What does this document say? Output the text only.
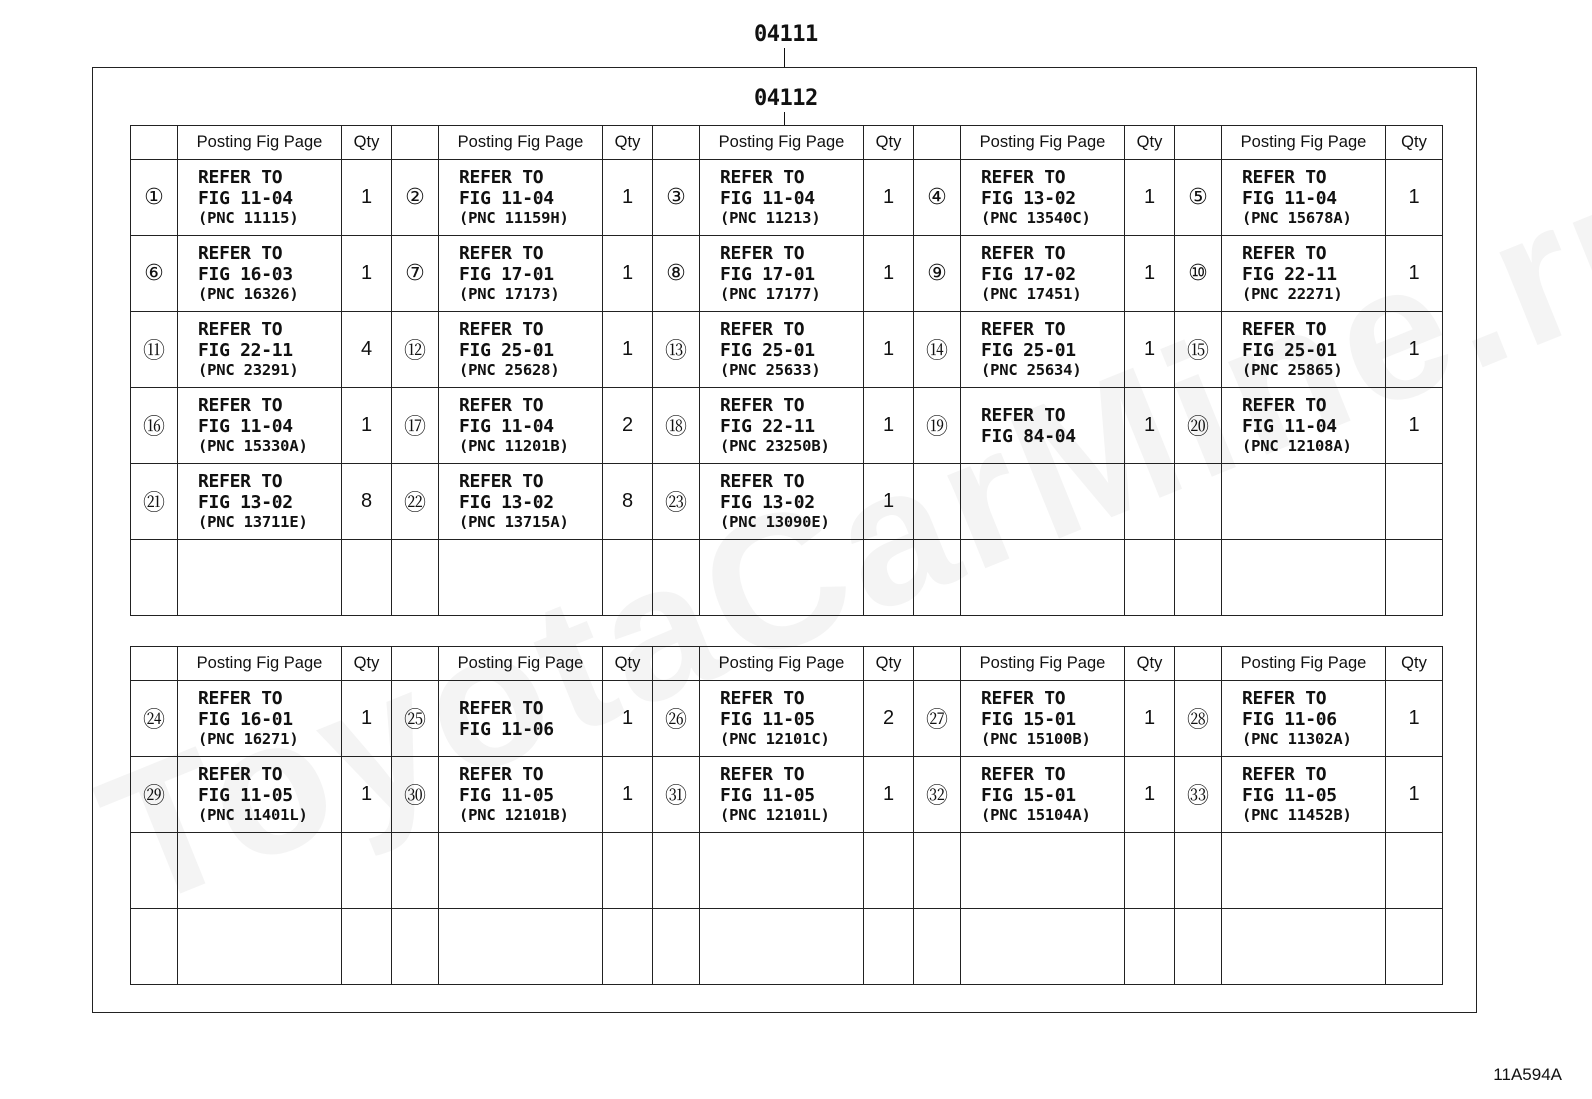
04111
04112
	Posting Fig Page	Qty		Posting Fig Page	Qty		Posting Fig Page	Qty		Posting Fig Page	Qty		Posting Fig Page	Qty
①	REFER TO
FIG 11-04
(PNC 11115)	1	②	REFER TO
FIG 11-04
(PNC 11159H)	1	③	REFER TO
FIG 11-04
(PNC 11213)	1	④	REFER TO
FIG 13-02
(PNC 13540C)	1	⑤	REFER TO
FIG 11-04
(PNC 15678A)	1
⑥	REFER TO
FIG 16-03
(PNC 16326)	1	⑦	REFER TO
FIG 17-01
(PNC 17173)	1	⑧	REFER TO
FIG 17-01
(PNC 17177)	1	⑨	REFER TO
FIG 17-02
(PNC 17451)	1	⑩	REFER TO
FIG 22-11
(PNC 22271)	1
⑪	REFER TO
FIG 22-11
(PNC 23291)	4	⑫	REFER TO
FIG 25-01
(PNC 25628)	1	⑬	REFER TO
FIG 25-01
(PNC 25633)	1	⑭	REFER TO
FIG 25-01
(PNC 25634)	1	⑮	REFER TO
FIG 25-01
(PNC 25865)	1
⑯	REFER TO
FIG 11-04
(PNC 15330A)	1	⑰	REFER TO
FIG 11-04
(PNC 11201B)	2	⑱	REFER TO
FIG 22-11
(PNC 23250B)	1	⑲	REFER TO
FIG 84-04	1	⑳	REFER TO
FIG 11-04
(PNC 12108A)	1
㉑	REFER TO
FIG 13-02
(PNC 13711E)	8	㉒	REFER TO
FIG 13-02
(PNC 13715A)	8	㉓	REFER TO
FIG 13-02
(PNC 13090E)	1		

	Posting Fig Page	Qty		Posting Fig Page	Qty		Posting Fig Page	Qty		Posting Fig Page	Qty		Posting Fig Page	Qty
㉔	REFER TO
FIG 16-01
(PNC 16271)	1	㉕	REFER TO
FIG 11-06	1	㉖	REFER TO
FIG 11-05
(PNC 12101C)	2	㉗	REFER TO
FIG 15-01
(PNC 15100B)	1	㉘	REFER TO
FIG 11-06
(PNC 11302A)	1
㉙	REFER TO
FIG 11-05
(PNC 11401L)	1	㉚	REFER TO
FIG 11-05
(PNC 12101B)	1	㉛	REFER TO
FIG 11-05
(PNC 12101L)	1	㉜	REFER TO
FIG 15-01
(PNC 15104A)	1	㉝	REFER TO
FIG 11-05
(PNC 11452B)	1

11A594A
